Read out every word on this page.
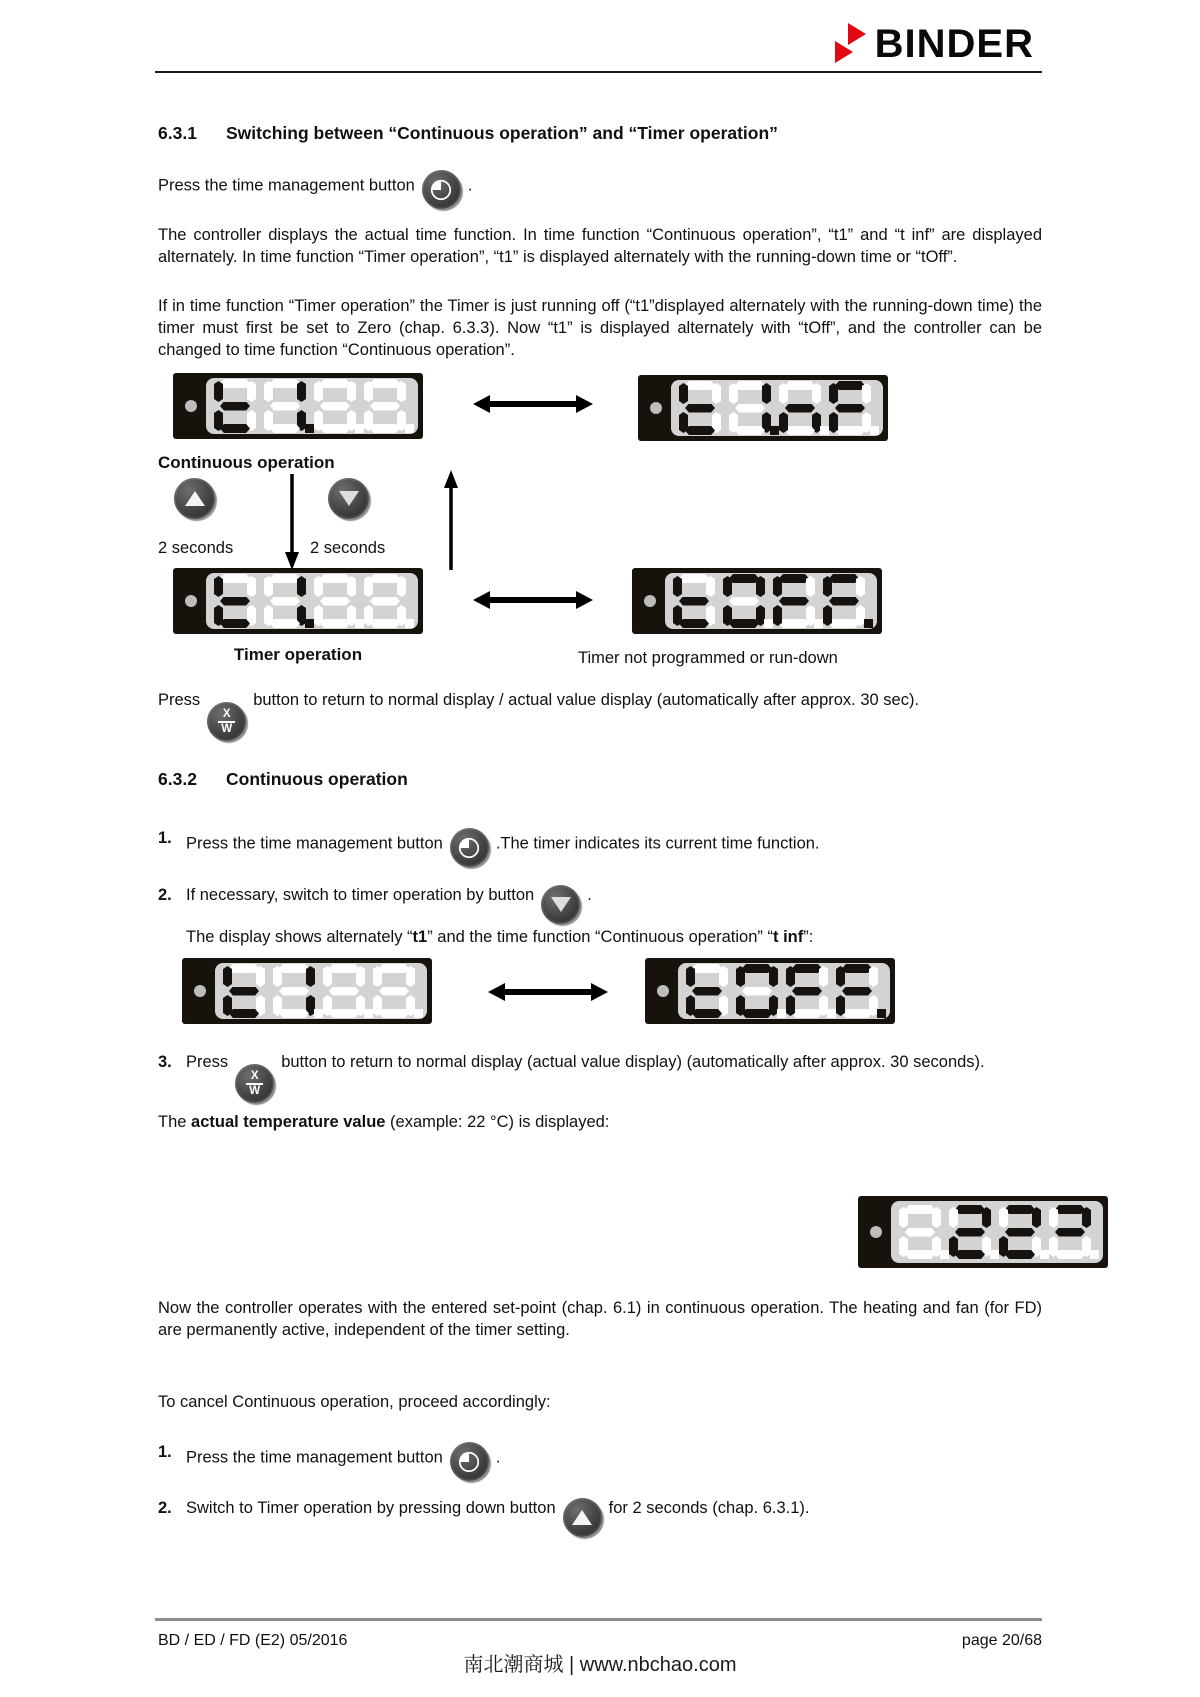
BINDER
6.3.1	Switching between “Continuous operation” and “Timer operation”
Press the time management button	.
The controller displays the actual time function. In time function “Continuous operation”, “t1” and “t inf” are displayed alternately. In time function “Timer operation”, “t1” is displayed alternately with the running-down time or “tOff”.
If in time function “Timer operation” the Timer is just running off (“t1”displayed alternately with the running-down time) the timer must first be set to Zero (chap. 6.3.3). Now “t1” is displayed alternately with “tOff”, and the controller can be changed to time function “Continuous operation”.
Continuous operation
2 seconds	2 seconds
Timer operation	Timer not programmed or run-down
Press
X
W
button to return to normal display / actual value display (automatically after approx. 30 sec).
6.3.2	Continuous operation
1. Press the time management button	.The timer indicates its current time function.
2. If necessary, switch to timer operation by button	.
The display shows alternately “t1” and the time function “Continuous operation” “t inf”:
3. Press
X
W
button to return to normal display (actual value display) (automatically after approx. 30 seconds).
The actual temperature value (example: 22 °C) is displayed:
Now the controller operates with the entered set-point (chap. 6.1) in continuous operation. The heating and fan (for FD) are permanently active, independent of the timer setting.
To cancel Continuous operation, proceed accordingly:
1. Press the time management button	.
2. Switch to Timer operation by pressing down button	for 2 seconds (chap. 6.3.1).
BD / ED / FD (E2) 05/2016	page 20/68
南北潮商城 | www.nbchao.com
